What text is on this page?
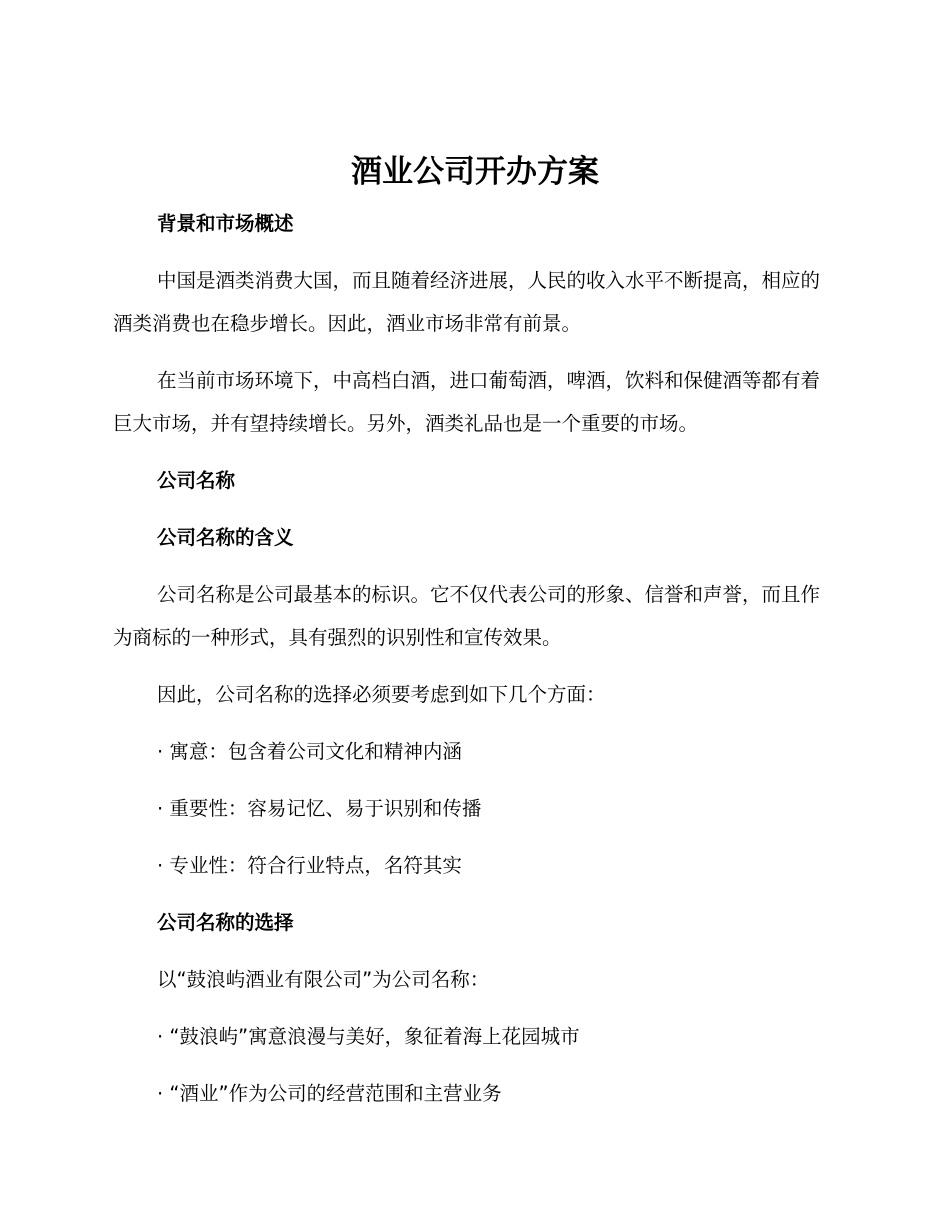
酒业公司开办方案

背景和市场概述

中国是酒类消费大国，而且随着经济进展，人民的收入水平不断提高，相应的酒类消费也在稳步增长。因此，酒业市场非常有前景。

在当前市场环境下，中高档白酒，进口葡萄酒，啤酒，饮料和保健酒等都有着巨大市场，并有望持续增长。另外，酒类礼品也是一个重要的市场。

公司名称

公司名称的含义

公司名称是公司最基本的标识。它不仅代表公司的形象、信誉和声誉，而且作为商标的一种形式，具有强烈的识别性和宣传效果。

因此，公司名称的选择必须要考虑到如下几个方面：

· 寓意：包含着公司文化和精神内涵

· 重要性：容易记忆、易于识别和传播

· 专业性：符合行业特点，名符其实

公司名称的选择

以“鼓浪屿酒业有限公司”为公司名称：

· “鼓浪屿”寓意浪漫与美好，象征着海上花园城市

· “酒业”作为公司的经营范围和主营业务
